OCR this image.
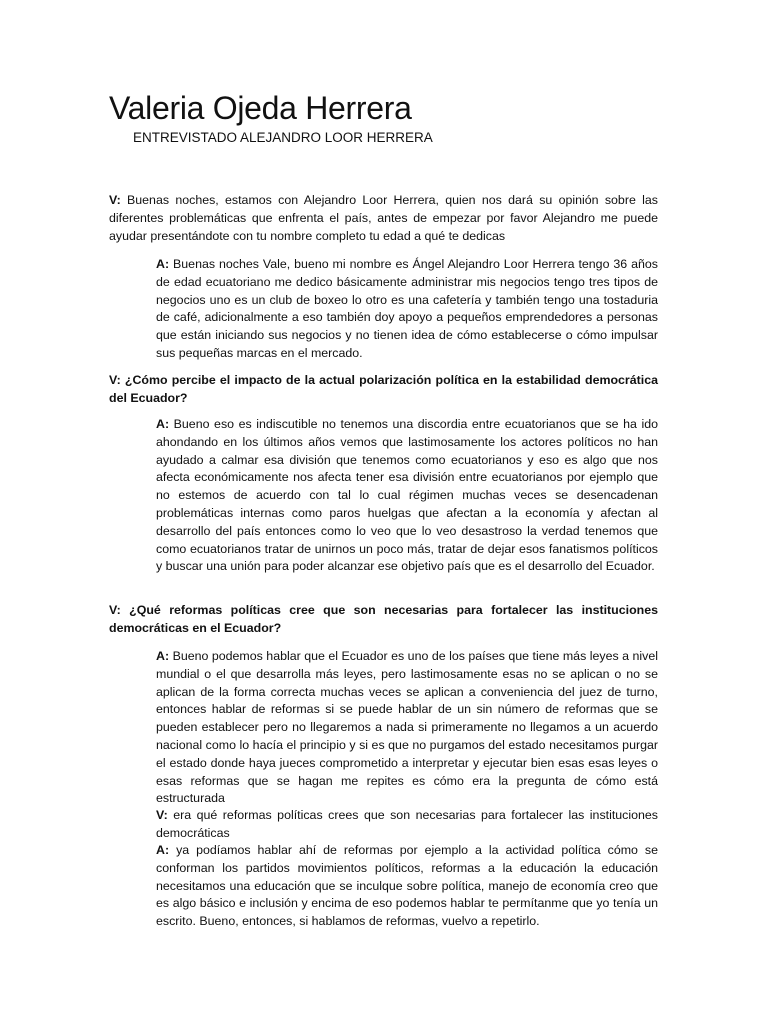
Valeria Ojeda Herrera
ENTREVISTADO ALEJANDRO LOOR HERRERA

V: Buenas noches, estamos con Alejandro Loor Herrera, quien nos dará su opinión sobre las diferentes problemáticas que enfrenta el país, antes de empezar por favor Alejandro me puede ayudar presentándote con tu nombre completo tu edad a qué te dedicas

A: Buenas noches Vale, bueno mi nombre es Ángel Alejandro Loor Herrera tengo 36 años de edad ecuatoriano me dedico básicamente administrar mis negocios tengo tres tipos de negocios uno es un club de boxeo lo otro es una cafetería y también tengo una tostaduria de café, adicionalmente a eso también doy apoyo a pequeños emprendedores a personas que están iniciando sus negocios y no tienen idea de cómo establecerse o cómo impulsar sus pequeñas marcas en el mercado.

V: ¿Cómo percibe el impacto de la actual polarización política en la estabilidad democrática del Ecuador?

A: Bueno eso es indiscutible no tenemos una discordia entre ecuatorianos que se ha ido ahondando en los últimos años vemos que lastimosamente los actores políticos no han ayudado a calmar esa división que tenemos como ecuatorianos y eso es algo que nos afecta económicamente nos afecta tener esa división entre ecuatorianos por ejemplo que no estemos de acuerdo con tal lo cual régimen muchas veces se desencadenan problemáticas internas como paros huelgas que afectan a la economía y afectan al desarrollo del país entonces como lo veo que lo veo desastroso la verdad tenemos que como ecuatorianos tratar de unirnos un poco más, tratar de dejar esos fanatismos políticos y buscar una unión para poder alcanzar ese objetivo país que es el desarrollo del Ecuador.

V: ¿Qué reformas políticas cree que son necesarias para fortalecer las instituciones democráticas en el Ecuador?

A: Bueno podemos hablar que el Ecuador es uno de los países que tiene más leyes a nivel mundial o el que desarrolla más leyes, pero lastimosamente esas no se aplican o no se aplican de la forma correcta muchas veces se aplican a conveniencia del juez de turno, entonces hablar de reformas si se puede hablar de un sin número de reformas que se pueden establecer pero no llegaremos a nada si primeramente no llegamos a un acuerdo nacional como lo hacía el principio y si es que no purgamos del estado necesitamos purgar el estado donde haya jueces comprometido a interpretar y ejecutar bien esas esas leyes o esas reformas que se hagan me repites es cómo era la pregunta de cómo está estructurada

V: era qué reformas políticas crees que son necesarias para fortalecer las instituciones democráticas

A: ya podíamos hablar ahí de reformas por ejemplo a la actividad política cómo se conforman los partidos movimientos políticos, reformas a la educación la educación necesitamos una educación que se inculque sobre política, manejo de economía creo que es algo básico e inclusión y encima de eso podemos hablar te permítanme que yo tenía un escrito. Bueno, entonces, si hablamos de reformas, vuelvo a repetirlo.
